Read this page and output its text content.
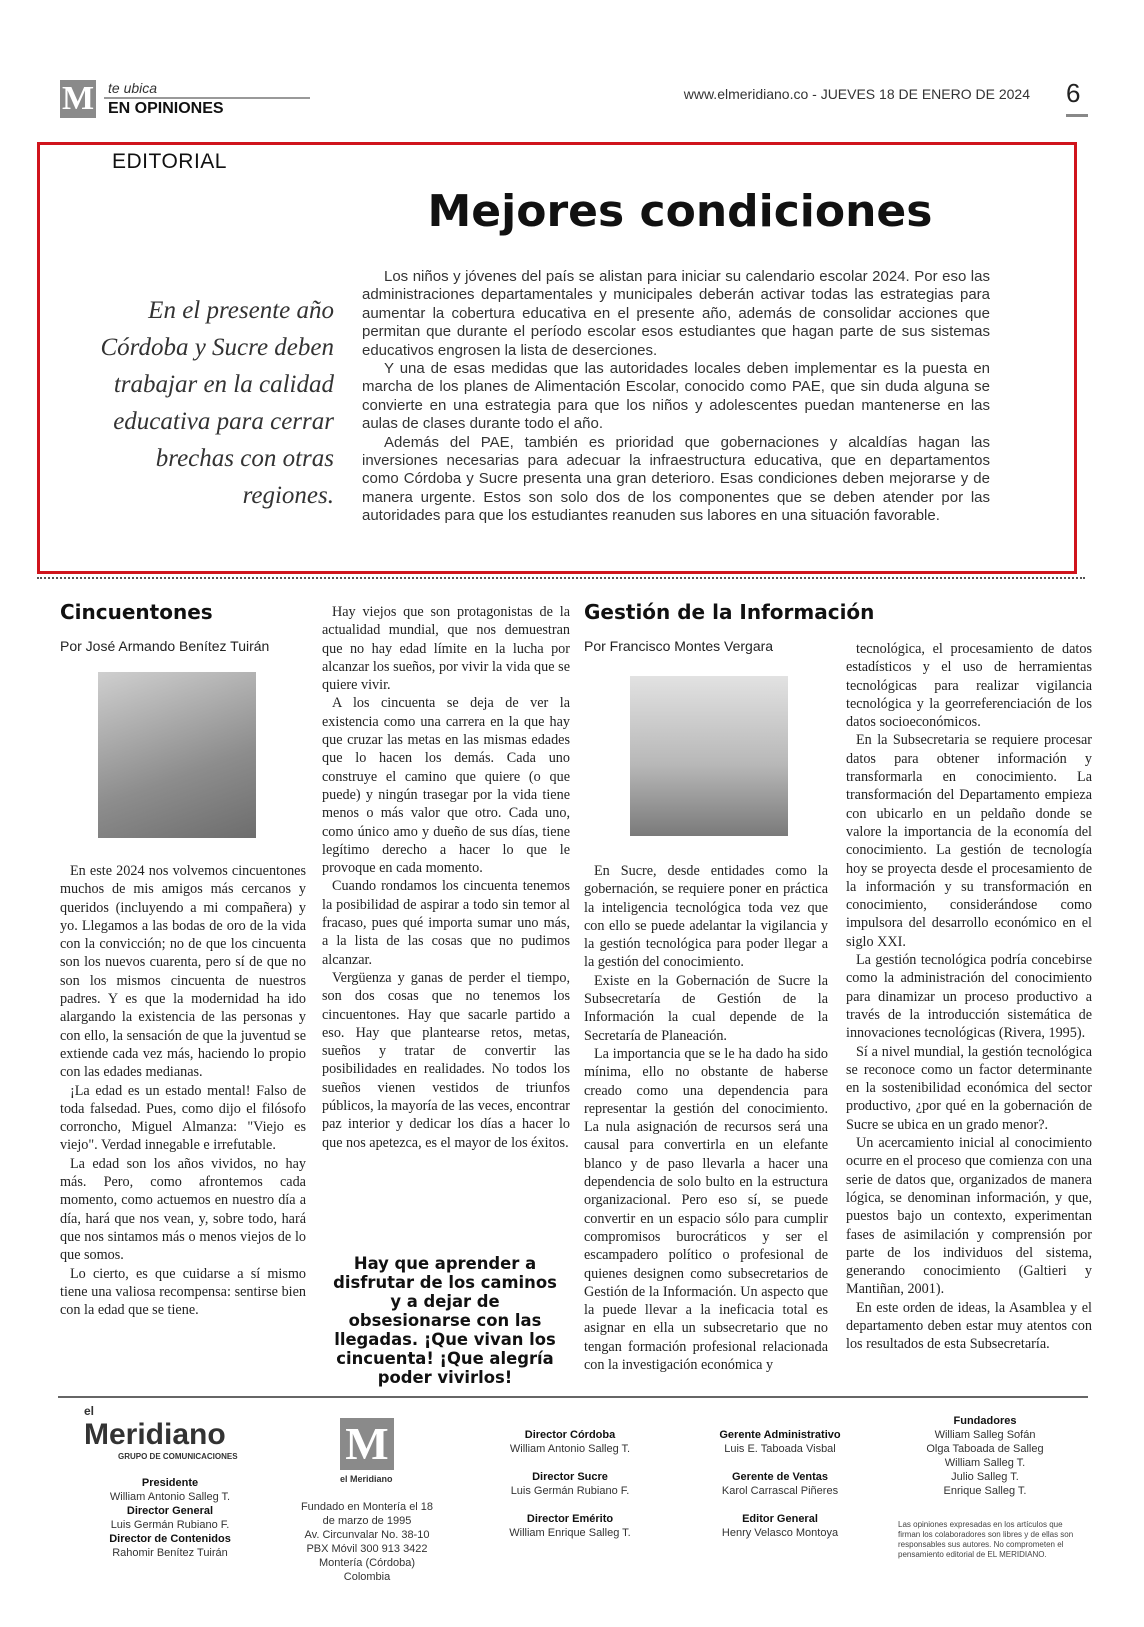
M te ubica
EN OPINIONES
www.elmeridiano.co - JUEVES 18 DE ENERO DE 2024 6
EDITORIAL
Mejores condiciones
En el presente año Córdoba y Sucre deben trabajar en la calidad educativa para cerrar brechas con otras regiones.

Los niños y jóvenes del país se alistan para iniciar su calendario escolar 2024. Por eso las administraciones departamentales y municipales deberán activar todas las estrategias para aumentar la cobertura educativa en el presente año, además de consolidar acciones que permitan que durante el período escolar esos estudiantes que hagan parte de sus sistemas educativos engrosen la lista de deserciones.

Y una de esas medidas que las autoridades locales deben implementar es la puesta en marcha de los planes de Alimentación Escolar, conocido como PAE, que sin duda alguna se convierte en una estrategia para que los niños y adolescentes puedan mantenerse en las aulas de clases durante todo el año.

Además del PAE, también es prioridad que gobernaciones y alcaldías hagan las inversiones necesarias para adecuar la infraestructura educativa, que en departamentos como Córdoba y Sucre presenta una gran deterioro. Esas condiciones deben mejorarse y de manera urgente. Estos son solo dos de los componentes que se deben atender por las autoridades para que los estudiantes reanuden sus labores en una situación favorable.

Cincuentones
Por José Armando Benítez Tuirán

En este 2024 nos volvemos cincuentones muchos de mis amigos más cercanos y queridos (incluyendo a mi compañera) y yo. Llegamos a las bodas de oro de la vida con la convicción; no de que los cincuenta son los nuevos cuarenta, pero sí de que no son los mismos cincuenta de nuestros padres. Y es que la modernidad ha ido alargando la existencia de las personas y con ello, la sensación de que la juventud se extiende cada vez más, haciendo lo propio con las edades medianas.

¡La edad es un estado mental! Falso de toda falsedad. Pues, como dijo el filósofo corroncho, Miguel Almanza: "Viejo es viejo". Verdad innegable e irrefutable.

La edad son los años vividos, no hay más. Pero, como afrontemos cada momento, como actuemos en nuestro día a día, hará que nos vean, y, sobre todo, hará que nos sintamos más o menos viejos de lo que somos.

Lo cierto, es que cuidarse a sí mismo tiene una valiosa recompensa: sentirse bien con la edad que se tiene.

Hay viejos que son protagonistas de la actualidad mundial, que nos demuestran que no hay edad límite en la lucha por alcanzar los sueños, por vivir la vida que se quiere vivir.

A los cincuenta se deja de ver la existencia como una carrera en la que hay que cruzar las metas en las mismas edades que lo hacen los demás. Cada uno construye el camino que quiere (o que puede) y ningún trasegar por la vida tiene menos o más valor que otro. Cada uno, como único amo y dueño de sus días, tiene legítimo derecho a hacer lo que le provoque en cada momento.

Cuando rondamos los cincuenta tenemos la posibilidad de aspirar a todo sin temor al fracaso, pues qué importa sumar uno más, a la lista de las cosas que no pudimos alcanzar.

Vergüenza y ganas de perder el tiempo, son dos cosas que no tenemos los cincuentones. Hay que sacarle partido a eso. Hay que plantearse retos, metas, sueños y tratar de convertir las posibilidades en realidades. No todos los sueños vienen vestidos de triunfos públicos, la mayoría de las veces, encontrar paz interior y dedicar los días a hacer lo que nos apetezca, es el mayor de los éxitos.

Hay que aprender a disfrutar de los caminos y a dejar de obsesionarse con las llegadas. ¡Que vivan los cincuenta! ¡Que alegría poder vivirlos!
Gestión de la Información
Por Francisco Montes Vergara

En Sucre, desde entidades como la gobernación, se requiere poner en práctica la inteligencia tecnológica toda vez que con ello se puede adelantar la vigilancia y la gestión tecnológica para poder llegar a la gestión del conocimiento.

Existe en la Gobernación de Sucre la Subsecretaría de Gestión de la Información la cual depende de la Secretaría de Planeación.

La importancia que se le ha dado ha sido mínima, ello no obstante de haberse creado como una dependencia para representar la gestión del conocimiento. La nula asignación de recursos será una causal para convertirla en un elefante blanco y de paso llevarla a hacer una dependencia de solo bulto en la estructura organizacional. Pero eso sí, se puede convertir en un espacio sólo para cumplir compromisos burocráticos y ser el escampadero político o profesional de quienes designen como subsecretarios de Gestión de la Información. Un aspecto que la puede llevar a la ineficacia total es asignar en ella un subsecretario que no tengan formación profesional relacionada con la investigación económica y

tecnológica, el procesamiento de datos estadísticos y el uso de herramientas tecnológicas para realizar vigilancia tecnológica y la georreferenciación de los datos socioeconómicos.

En la Subsecretaria se requiere procesar datos para obtener información y transformarla en conocimiento. La transformación del Departamento empieza con ubicarlo en un peldaño donde se valore la importancia de la economía del conocimiento. La gestión de tecnología hoy se proyecta desde el procesamiento de la información y su transformación en conocimiento, considerándose como impulsora del desarrollo económico en el siglo XXI.

La gestión tecnológica podría concebirse como la administración del conocimiento para dinamizar un proceso productivo a través de la introducción sistemática de innovaciones tecnológicas (Rivera, 1995).

Sí a nivel mundial, la gestión tecnológica se reconoce como un factor determinante en la sostenibilidad económica del sector productivo, ¿por qué en la gobernación de Sucre se ubica en un grado menor?.

Un acercamiento inicial al conocimiento ocurre en el proceso que comienza con una serie de datos que, organizados de manera lógica, se denominan información, y que, puestos bajo un contexto, experimentan fases de asimilación y comprensión por parte de los individuos del sistema, generando conocimiento (Galtieri y Mantiñan, 2001).

En este orden de ideas, la Asamblea y el departamento deben estar muy atentos con los resultados de esta Subsecretaría.

el
Meridiano
GRUPO DE COMUNICACIONES
Presidente
William Antonio Salleg T.
Director General
Luis Germán Rubiano F.
Director de Contenidos
Rahomir Benítez Tuirán
M
el Meridiano
Fundado en Montería el 18 de marzo de 1995
Av. Circunvalar No. 38-10
PBX Móvil 300 913 3422
Montería (Córdoba) Colombia
Director Córdoba
William Antonio Salleg T.

Director Sucre
Luis Germán Rubiano F.

Director Emérito
William Enrique Salleg T.
Gerente Administrativo
Luis E. Taboada Visbal

Gerente de Ventas
Karol Carrascal Piñeres

Editor General
Henry Velasco Montoya
Fundadores
William Salleg Sofán
Olga Taboada de Salleg
William Salleg T.
Julio Salleg T.
Enrique Salleg T.
Las opiniones expresadas en los artículos que firman los colaboradores son libres y de ellas son responsables sus autores. No comprometen el pensamiento editorial de EL MERIDIANO.
